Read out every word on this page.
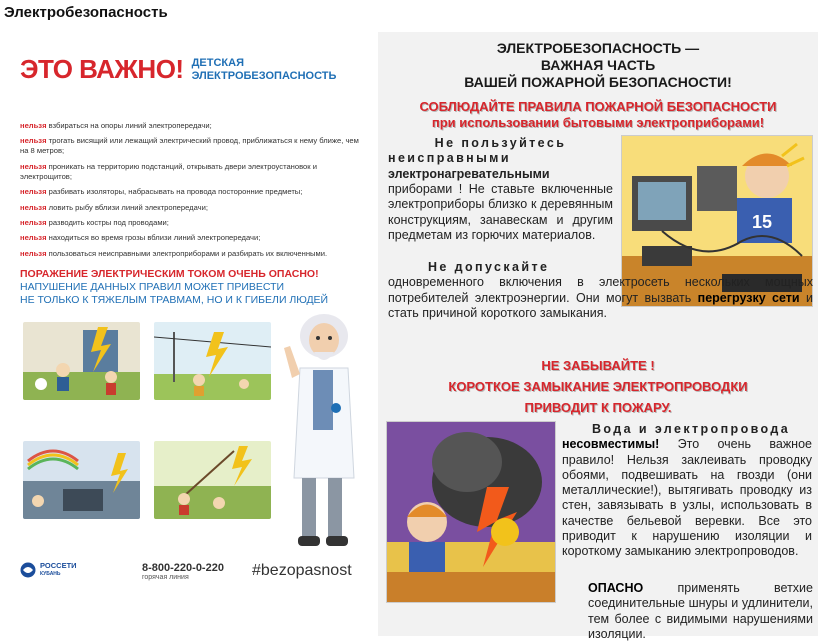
Электробезопасность
ЭТО ВАЖНО! ДЕТСКАЯ
ЭЛЕКТРОБЕЗОПАСНОСТЬ
нельзя взбираться на опоры линий электропередачи;
нельзя трогать висящий или лежащий электрический провод, приближаться к нему ближе, чем на 8 метров;
нельзя проникать на территорию подстанций, открывать двери электроустановок и электрощитов;
нельзя разбивать изоляторы, набрасывать на провода посторонние предметы;
нельзя ловить рыбу вблизи линий электропередачи;
нельзя разводить костры под проводами;
нельзя находиться во время грозы вблизи линий электропередачи;
нельзя пользоваться неисправными электроприборами и разбирать их включенными.
ПОРАЖЕНИЕ ЭЛЕКТРИЧЕСКИМ ТОКОМ ОЧЕНЬ ОПАСНО!
НАПУШЕНИЕ ДАННЫХ ПРАВИЛ МОЖЕТ ПРИВЕСТИ
НЕ ТОЛЬКО К ТЯЖЕЛЫМ ТРАВМАМ, НО И К ГИБЕЛИ ЛЮДЕЙ
РОССЕТИ
КУБАНЬ	8-800-220-0-220
горячая линия	#bezopasnost
ЭЛЕКТРОБЕЗОПАСНОСТЬ —
ВАЖНАЯ ЧАСТЬ
ВАШЕЙ ПОЖАРНОЙ БЕЗОПАСНОСТИ!
СОБЛЮДАЙТЕ ПРАВИЛА ПОЖАРНОЙ БЕЗОПАСНОСТИ
при использовании бытовыми электроприборами!
Не пользуйтесь
неисправными
электронагревательными
приборами ! Не ставьте включенные электроприборы близко к деревянным конструкциям, занавескам и другим предметам из горючих материалов.
15
Не допускайте
одновременного включения в электросеть нескольких мощных потребителей электроэнергии. Они могут вызвать перегрузку сети и стать причиной короткого замыкания.
НЕ ЗАБЫВАЙТЕ !
КОРОТКОЕ ЗАМЫКАНИЕ ЭЛЕКТРОПРОВОДКИ
ПРИВОДИТ К ПОЖАРУ.
Вода и электропровода
несовместимы! Это очень важное правило! Нельзя заклеивать проводку обоями, подвешивать на гвозди (они металлические!), вытягивать проводку из стен, завязывать в узлы, использовать в качестве бельевой веревки. Все это приводит к нарушению изоляции и короткому замыканию электропроводов.
ОПАСНО применять ветхие соединительные шнуры и удлинители, тем более с видимыми нарушениями изоляции.
